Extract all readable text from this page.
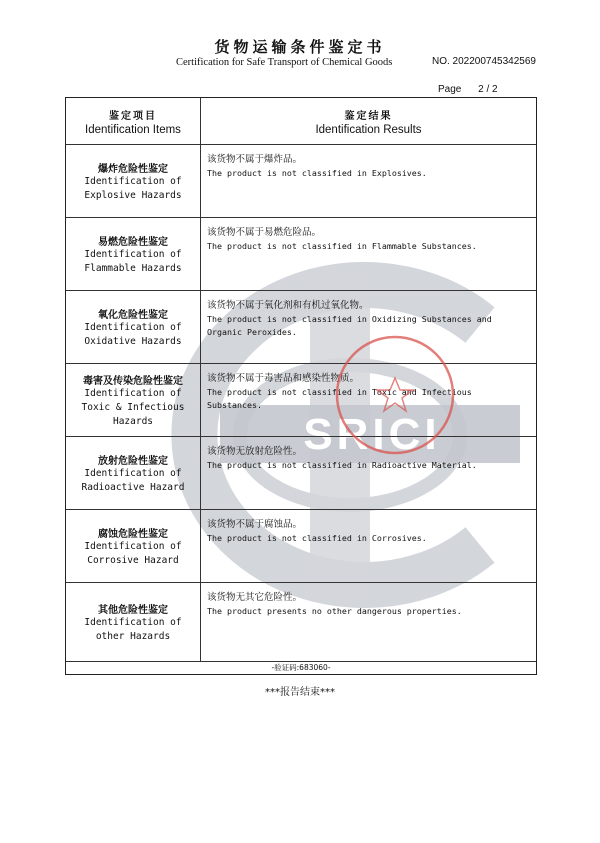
SRICI
货物运输条件鉴定书
Certification for Safe Transport of Chemical Goods	NO. 202200745342569
Page 2 / 2
鉴定项目
Identification Items
鉴定结果
Identification Results
爆炸危险性鉴定
Identification of Explosive Hazards
该货物不属于爆炸品。
The product is not classified in Explosives.
易燃危险性鉴定
Identification of Flammable Hazards
该货物不属于易燃危险品。
The product is not classified in Flammable Substances.
氧化危险性鉴定
Identification of Oxidative Hazards
该货物不属于氧化剂和有机过氧化物。
The product is not classified in Oxidizing Substances and Organic Peroxides.
毒害及传染危险性鉴定
Identification of Toxic & Infectious Hazards
该货物不属于毒害品和感染性物质。
The product is not classified in Toxic and Infectious Substances.
放射危险性鉴定
Identification of Radioactive Hazard
该货物无放射危险性。
The product is not classified in Radioactive Material.
腐蚀危险性鉴定
Identification of Corrosive Hazard
该货物不属于腐蚀品。
The product is not classified in Corrosives.
其他危险性鉴定
Identification of other Hazards
该货物无其它危险性。
The product presents no other dangerous properties.
-验证码:683060-
***报告结束***
